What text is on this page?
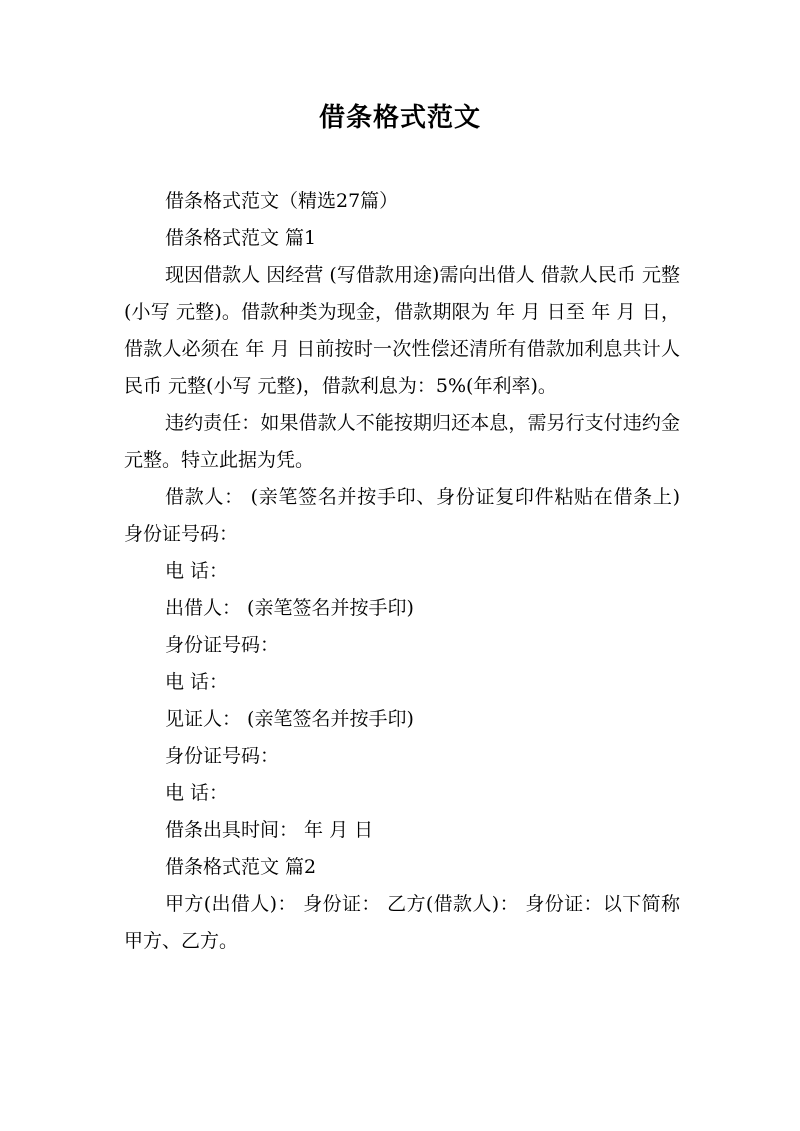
借条格式范文

借条格式范文（精选27篇）

借条格式范文 篇1

现因借款人 因经营 (写借款用途)需向出借人 借款人民币 元整(小写 元整)。借款种类为现金，借款期限为 年 月 日至 年 月 日，借款人必须在 年 月 日前按时一次性偿还清所有借款加利息共计人民币 元整(小写 元整)，借款利息为：5%(年利率)。

违约责任：如果借款人不能按期归还本息，需另行支付违约金 元整。特立此据为凭。

借款人： (亲笔签名并按手印、身份证复印件粘贴在借条上) 身份证号码：

电 话：

出借人： (亲笔签名并按手印)

身份证号码：

电 话：

见证人： (亲笔签名并按手印)

身份证号码：

电 话：

借条出具时间： 年 月 日

借条格式范文 篇2

甲方(出借人)： 身份证： 乙方(借款人)： 身份证：以下简称甲方、乙方。
